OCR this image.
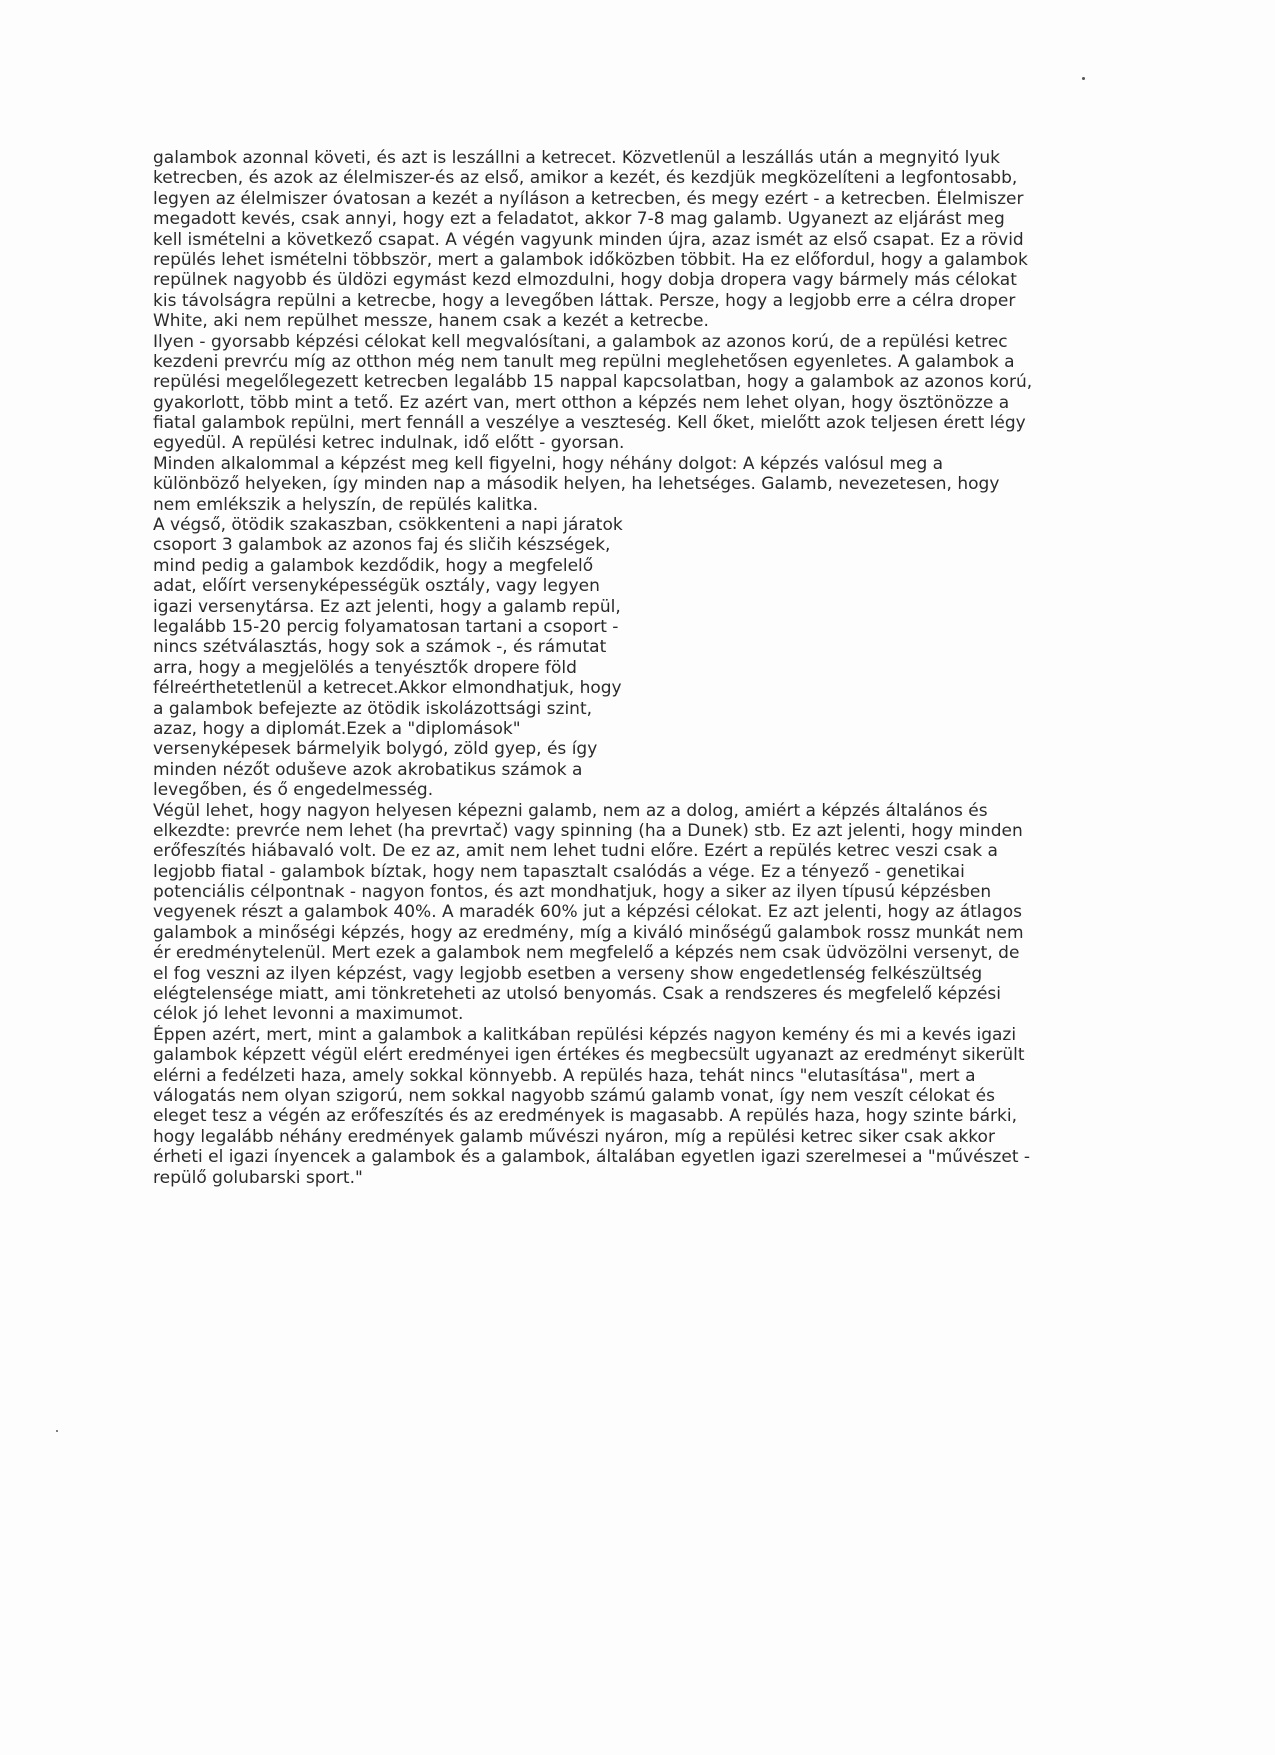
galambok azonnal követi, és azt is leszállni a ketrecet. Közvetlenül a leszállás után a megnyitó lyuk
ketrecben, és azok az élelmiszer-és az első, amikor a kezét, és kezdjük megközelíteni a legfontosabb,
legyen az élelmiszer óvatosan a kezét a nyíláson a ketrecben, és megy ezért - a ketrecben. Élelmiszer
megadott kevés, csak annyi, hogy ezt a feladatot, akkor 7-8 mag galamb. Ugyanezt az eljárást meg
kell ismételni a következő csapat. A végén vagyunk minden újra, azaz ismét az első csapat. Ez a rövid
repülés lehet ismételni többször, mert a galambok időközben többit. Ha ez előfordul, hogy a galambok
repülnek nagyobb és üldözi egymást kezd elmozdulni, hogy dobja dropera vagy bármely más célokat
kis távolságra repülni a ketrecbe, hogy a levegőben láttak. Persze, hogy a legjobb erre a célra droper
White, aki nem repülhet messze, hanem csak a kezét a ketrecbe.
Ilyen - gyorsabb képzési célokat kell megvalósítani, a galambok az azonos korú, de a repülési ketrec
kezdeni prevrću míg az otthon még nem tanult meg repülni meglehetősen egyenletes. A galambok a
repülési megelőlegezett ketrecben legalább 15 nappal kapcsolatban, hogy a galambok az azonos korú,
gyakorlott, több mint a tető. Ez azért van, mert otthon a képzés nem lehet olyan, hogy ösztönözze a
fiatal galambok repülni, mert fennáll a veszélye a veszteség. Kell őket, mielőtt azok teljesen érett légy
egyedül. A repülési ketrec indulnak, idő előtt - gyorsan.
Minden alkalommal a képzést meg kell figyelni, hogy néhány dolgot: A képzés valósul meg a
különböző helyeken, így minden nap a második helyen, ha lehetséges. Galamb, nevezetesen, hogy
nem emlékszik a helyszín, de repülés kalitka.
A végső, ötödik szakaszban, csökkenteni a napi járatok
csoport 3 galambok az azonos faj és sličih készségek,
mind pedig a galambok kezdődik, hogy a megfelelő
adat, előírt versenyképességük osztály, vagy legyen
igazi versenytársa. Ez azt jelenti, hogy a galamb repül,
legalább 15-20 percig folyamatosan tartani a csoport -
nincs szétválasztás, hogy sok a számok -, és rámutat
arra, hogy a megjelölés a tenyésztők dropere föld
félreérthetetlenül a ketrecet.Akkor elmondhatjuk, hogy
a galambok befejezte az ötödik iskolázottsági szint,
azaz, hogy a diplomát.Ezek a "diplomások"
versenyképesek bármelyik bolygó, zöld gyep, és így
minden nézőt oduševe azok akrobatikus számok a
levegőben, és ő engedelmesség.
Végül lehet, hogy nagyon helyesen képezni galamb, nem az a dolog, amiért a képzés általános és
elkezdte: prevrće nem lehet (ha prevrtač) vagy spinning (ha a Dunek) stb. Ez azt jelenti, hogy minden
erőfeszítés hiábavaló volt. De ez az, amit nem lehet tudni előre. Ezért a repülés ketrec veszi csak a
legjobb fiatal - galambok bíztak, hogy nem tapasztalt csalódás a vége. Ez a tényező - genetikai
potenciális célpontnak - nagyon fontos, és azt mondhatjuk, hogy a siker az ilyen típusú képzésben
vegyenek részt a galambok 40%. A maradék 60% jut a képzési célokat. Ez azt jelenti, hogy az átlagos
galambok a minőségi képzés, hogy az eredmény, míg a kiváló minőségű galambok rossz munkát nem
ér eredménytelenül. Mert ezek a galambok nem megfelelő a képzés nem csak üdvözölni versenyt, de
el fog veszni az ilyen képzést, vagy legjobb esetben a verseny show engedetlenség felkészültség
elégtelensége miatt, ami tönkreteheti az utolsó benyomás. Csak a rendszeres és megfelelő képzési
célok jó lehet levonni a maximumot.
Éppen azért, mert, mint a galambok a kalitkában repülési képzés nagyon kemény és mi a kevés igazi
galambok képzett végül elért eredményei igen értékes és megbecsült ugyanazt az eredményt sikerült
elérni a fedélzeti haza, amely sokkal könnyebb. A repülés haza, tehát nincs "elutasítása", mert a
válogatás nem olyan szigorú, nem sokkal nagyobb számú galamb vonat, így nem veszít célokat és
eleget tesz a végén az erőfeszítés és az eredmények is magasabb. A repülés haza, hogy szinte bárki,
hogy legalább néhány eredmények galamb művészi nyáron, míg a repülési ketrec siker csak akkor
érheti el igazi ínyencek a galambok és a galambok, általában egyetlen igazi szerelmesei a "művészet -
repülő golubarski sport."
